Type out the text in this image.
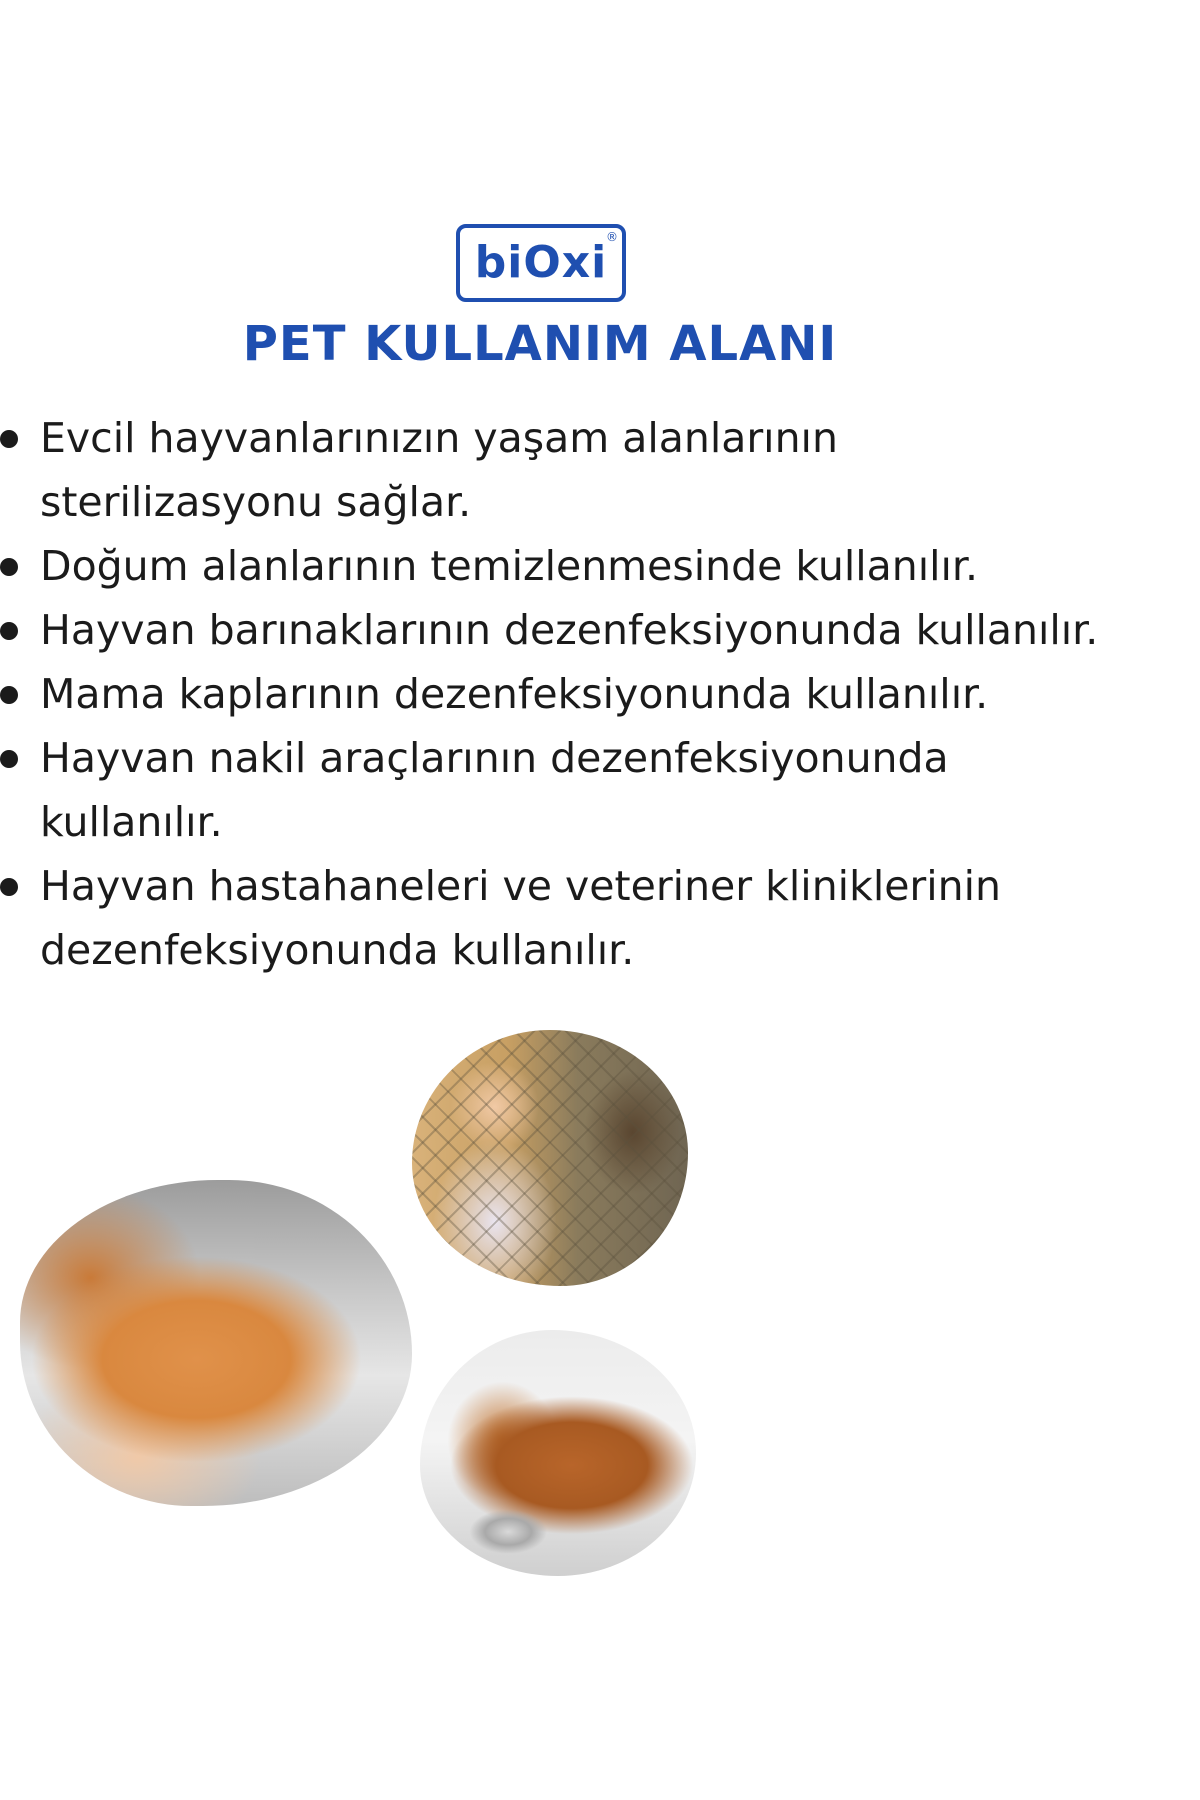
biOxi
®
PET KULLANIM ALANI
Evcil hayvanlarınızın yaşam alanlarının
sterilizasyonu sağlar.
Doğum alanlarının temizlenmesinde kullanılır.
Hayvan barınaklarının dezenfeksiyonunda kullanılır.
Mama kaplarının dezenfeksiyonunda kullanılır.
Hayvan nakil araçlarının dezenfeksiyonunda
kullanılır.
Hayvan hastahaneleri ve veteriner kliniklerinin
dezenfeksiyonunda kullanılır.
